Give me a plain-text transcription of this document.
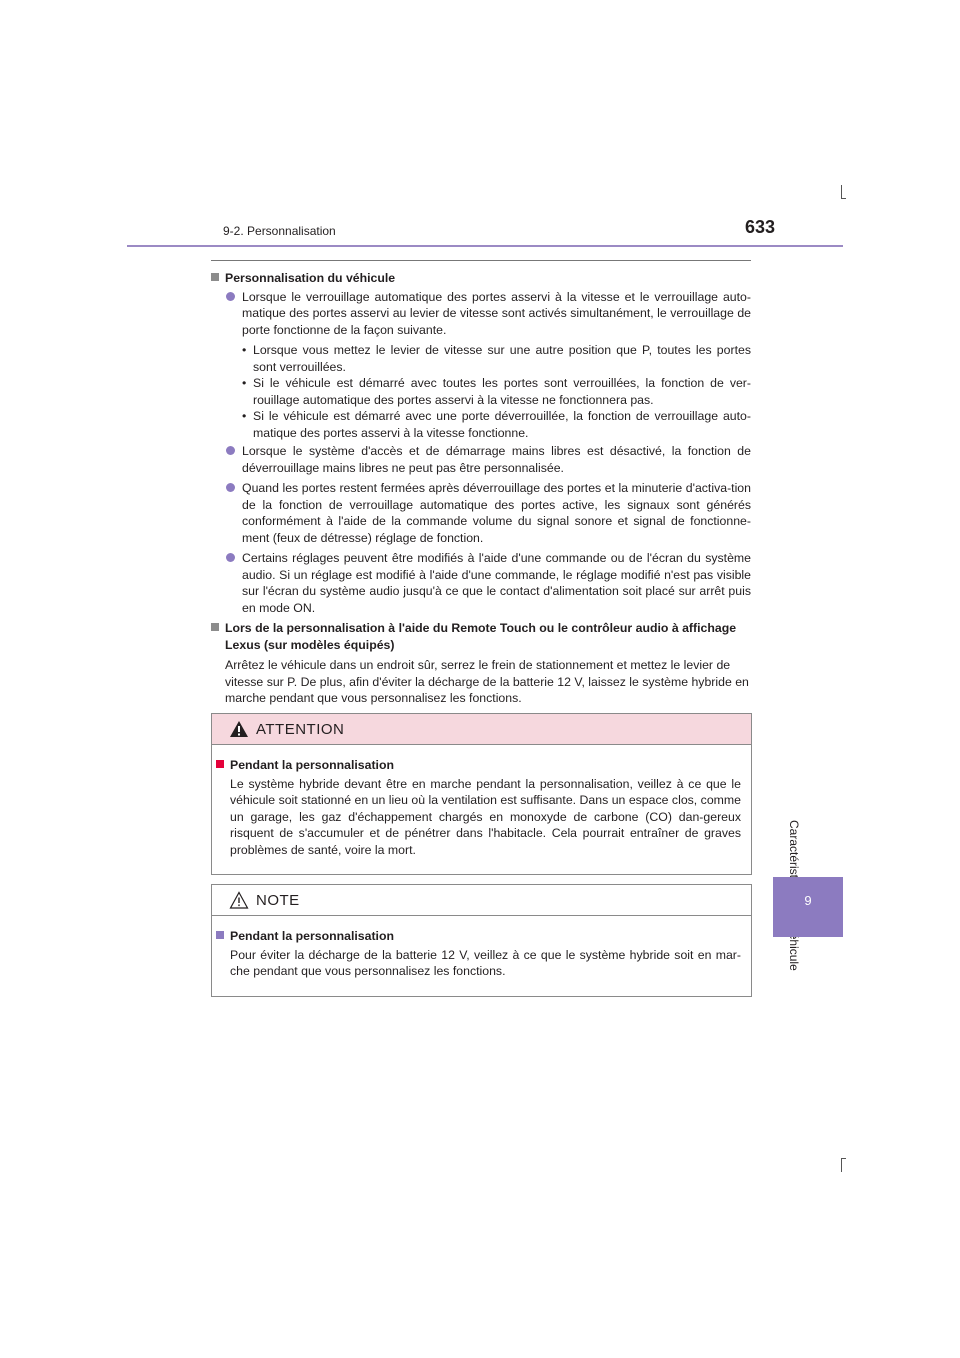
9-2. Personnalisation	633
9

Personnalisation du véhicule

Lorsque le verrouillage automatique des portes asservi à la vitesse et le verrouillage auto-matique des portes asservi au levier de vitesse sont activés simultanément, le verrouillage de porte fonctionne de la façon suivante.

• Lorsque vous mettez le levier de vitesse sur une autre position que P, toutes les portes sont verrouillées.

• Si le véhicule est démarré avec toutes les portes sont verrouillées, la fonction de ver-rouillage automatique des portes asservi à la vitesse ne fonctionnera pas.

• Si le véhicule est démarré avec une porte déverrouillée, la fonction de verrouillage auto-matique des portes asservi à la vitesse fonctionne.

Lorsque le système d'accès et de démarrage mains libres est désactivé, la fonction de déverrouillage mains libres ne peut pas être personnalisée.

Quand les portes restent fermées après déverrouillage des portes et la minuterie d'activa-tion de la fonction de verrouillage automatique des portes active, les signaux sont générés conformément à l'aide de la commande volume du signal sonore et signal de fonctionne-ment (feux de détresse) réglage de fonction.

Certains réglages peuvent être modifiés à l'aide d'une commande ou de l'écran du système audio. Si un réglage est modifié à l'aide d'une commande, le réglage modifié n'est pas visible sur l'écran du système audio jusqu'à ce que le contact d'alimentation soit placé sur arrêt puis en mode ON.

Lors de la personnalisation à l'aide du Remote Touch ou le contrôleur audio à affichage Lexus (sur modèles équipés)

Arrêtez le véhicule dans un endroit sûr, serrez le frein de stationnement et mettez le levier de vitesse sur P. De plus, afin d'éviter la décharge de la batterie 12 V, laissez le système hybride en marche pendant que vous personnalisez les fonctions.

ATTENTION
Pendant la personnalisation
Le système hybride devant être en marche pendant la personnalisation, veillez à ce que le véhicule soit stationné en un lieu où la ventilation est suffisante. Dans un espace clos, comme un garage, les gaz d'échappement chargés en monoxyde de carbone (CO) dan-gereux risquent de s'accumuler et de pénétrer dans l'habitacle. Cela pourrait entraîner de graves problèmes de santé, voire la mort.
NOTE
Pendant la personnalisation
Pour éviter la décharge de la batterie 12 V, veillez à ce que le système hybride soit en mar-che pendant que vous personnalisez les fonctions.
